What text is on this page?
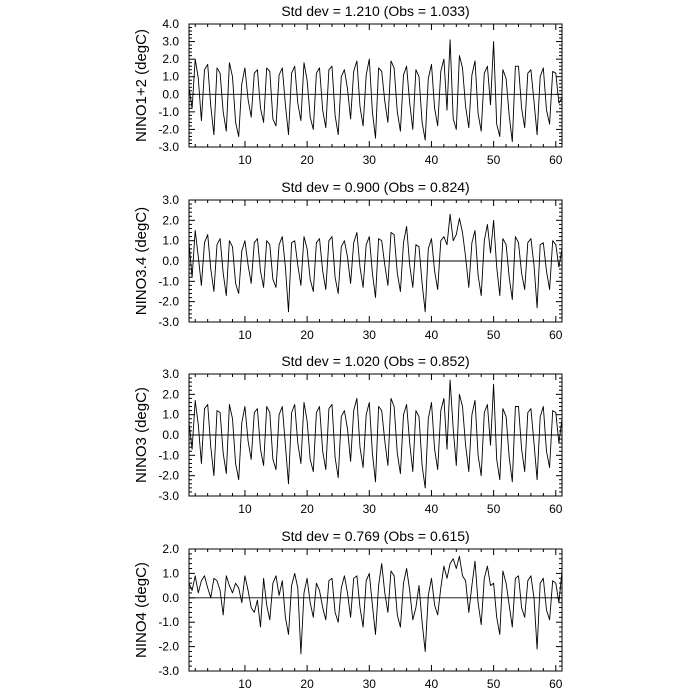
Std dev = 1.210 (Obs = 1.033)
NINO1+2 (degC)
10	20	30	40	50	60
-3.0
-2.0
-1.0
0.0
1.0
2.0
3.0
4.0
Std dev = 0.900 (Obs = 0.824)
NINO3.4 (degC)
10	20	30	40	50	60
-3.0
-2.0
-1.0
0.0
1.0
2.0
3.0
Std dev = 1.020 (Obs = 0.852)
NINO3 (degC)
10	20	30	40	50	60
-3.0
-2.0
-1.0
0.0
1.0
2.0
3.0
Std dev = 0.769 (Obs = 0.615)
NINO4 (degC)
10	20	30	40	50	60
-3.0
-2.0
-1.0
0.0
1.0
2.0
